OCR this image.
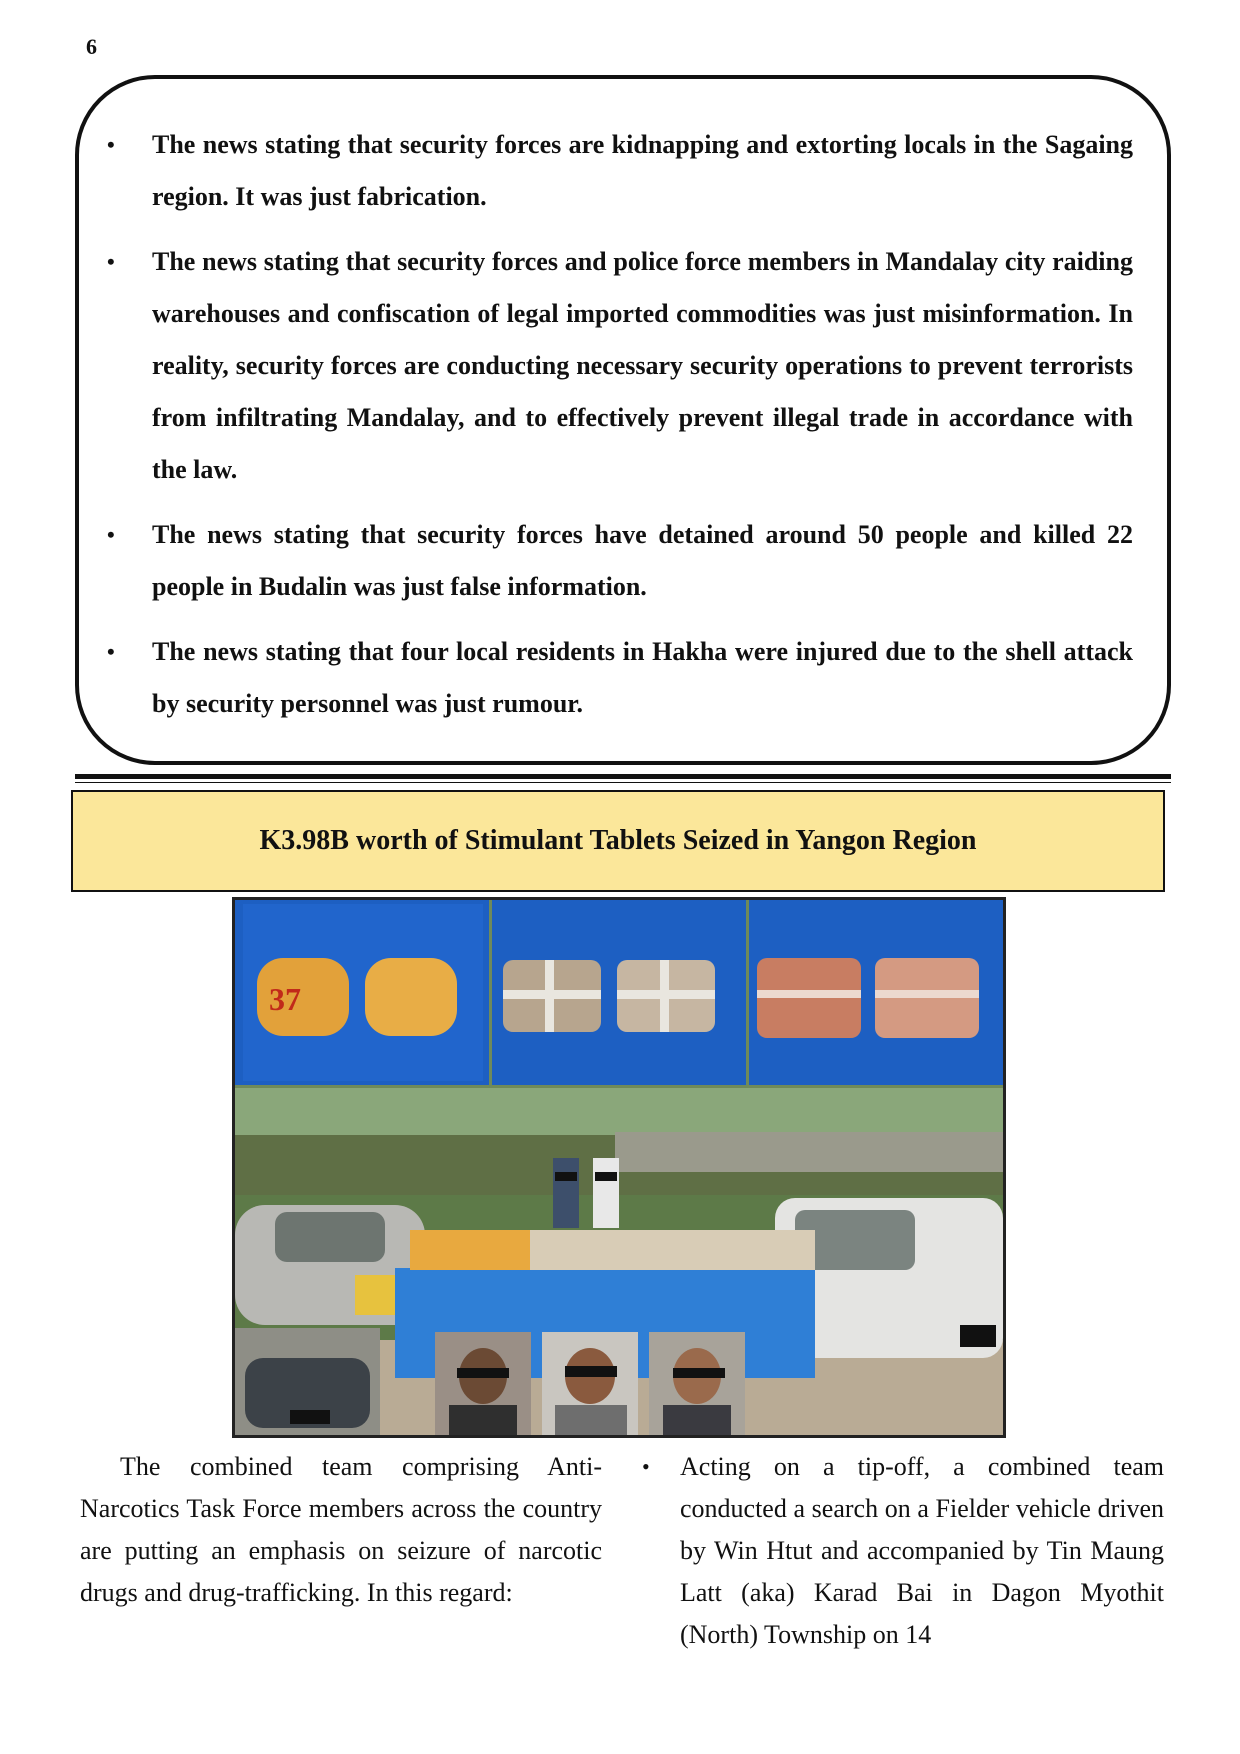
6
• The news stating that security forces are kidnapping and extorting locals in the Sagaing region. It was just fabrication.
• The news stating that security forces and police force members in Mandalay city raiding warehouses and confiscation of legal imported commodities was just misinformation. In reality, security forces are conducting necessary security operations to prevent terrorists from infiltrating Mandalay, and to effectively prevent illegal trade in accordance with the law.
• The news stating that security forces have detained around 50 people and killed 22 people in Budalin was just false information.
• The news stating that four local residents in Hakha were injured due to the shell attack by security personnel was just rumour.
K3.98B worth of Stimulant Tablets Seized in Yangon Region
37
The combined team comprising Anti-Narcotics Task Force members across the country are putting an emphasis on seizure of narcotic drugs and drug-trafficking. In this regard:
• Acting on a tip-off, a combined team conducted a search on a Fielder vehicle driven by Win Htut and accompanied by Tin Maung Latt (aka) Karad Bai in Dagon Myothit (North) Township on 14
